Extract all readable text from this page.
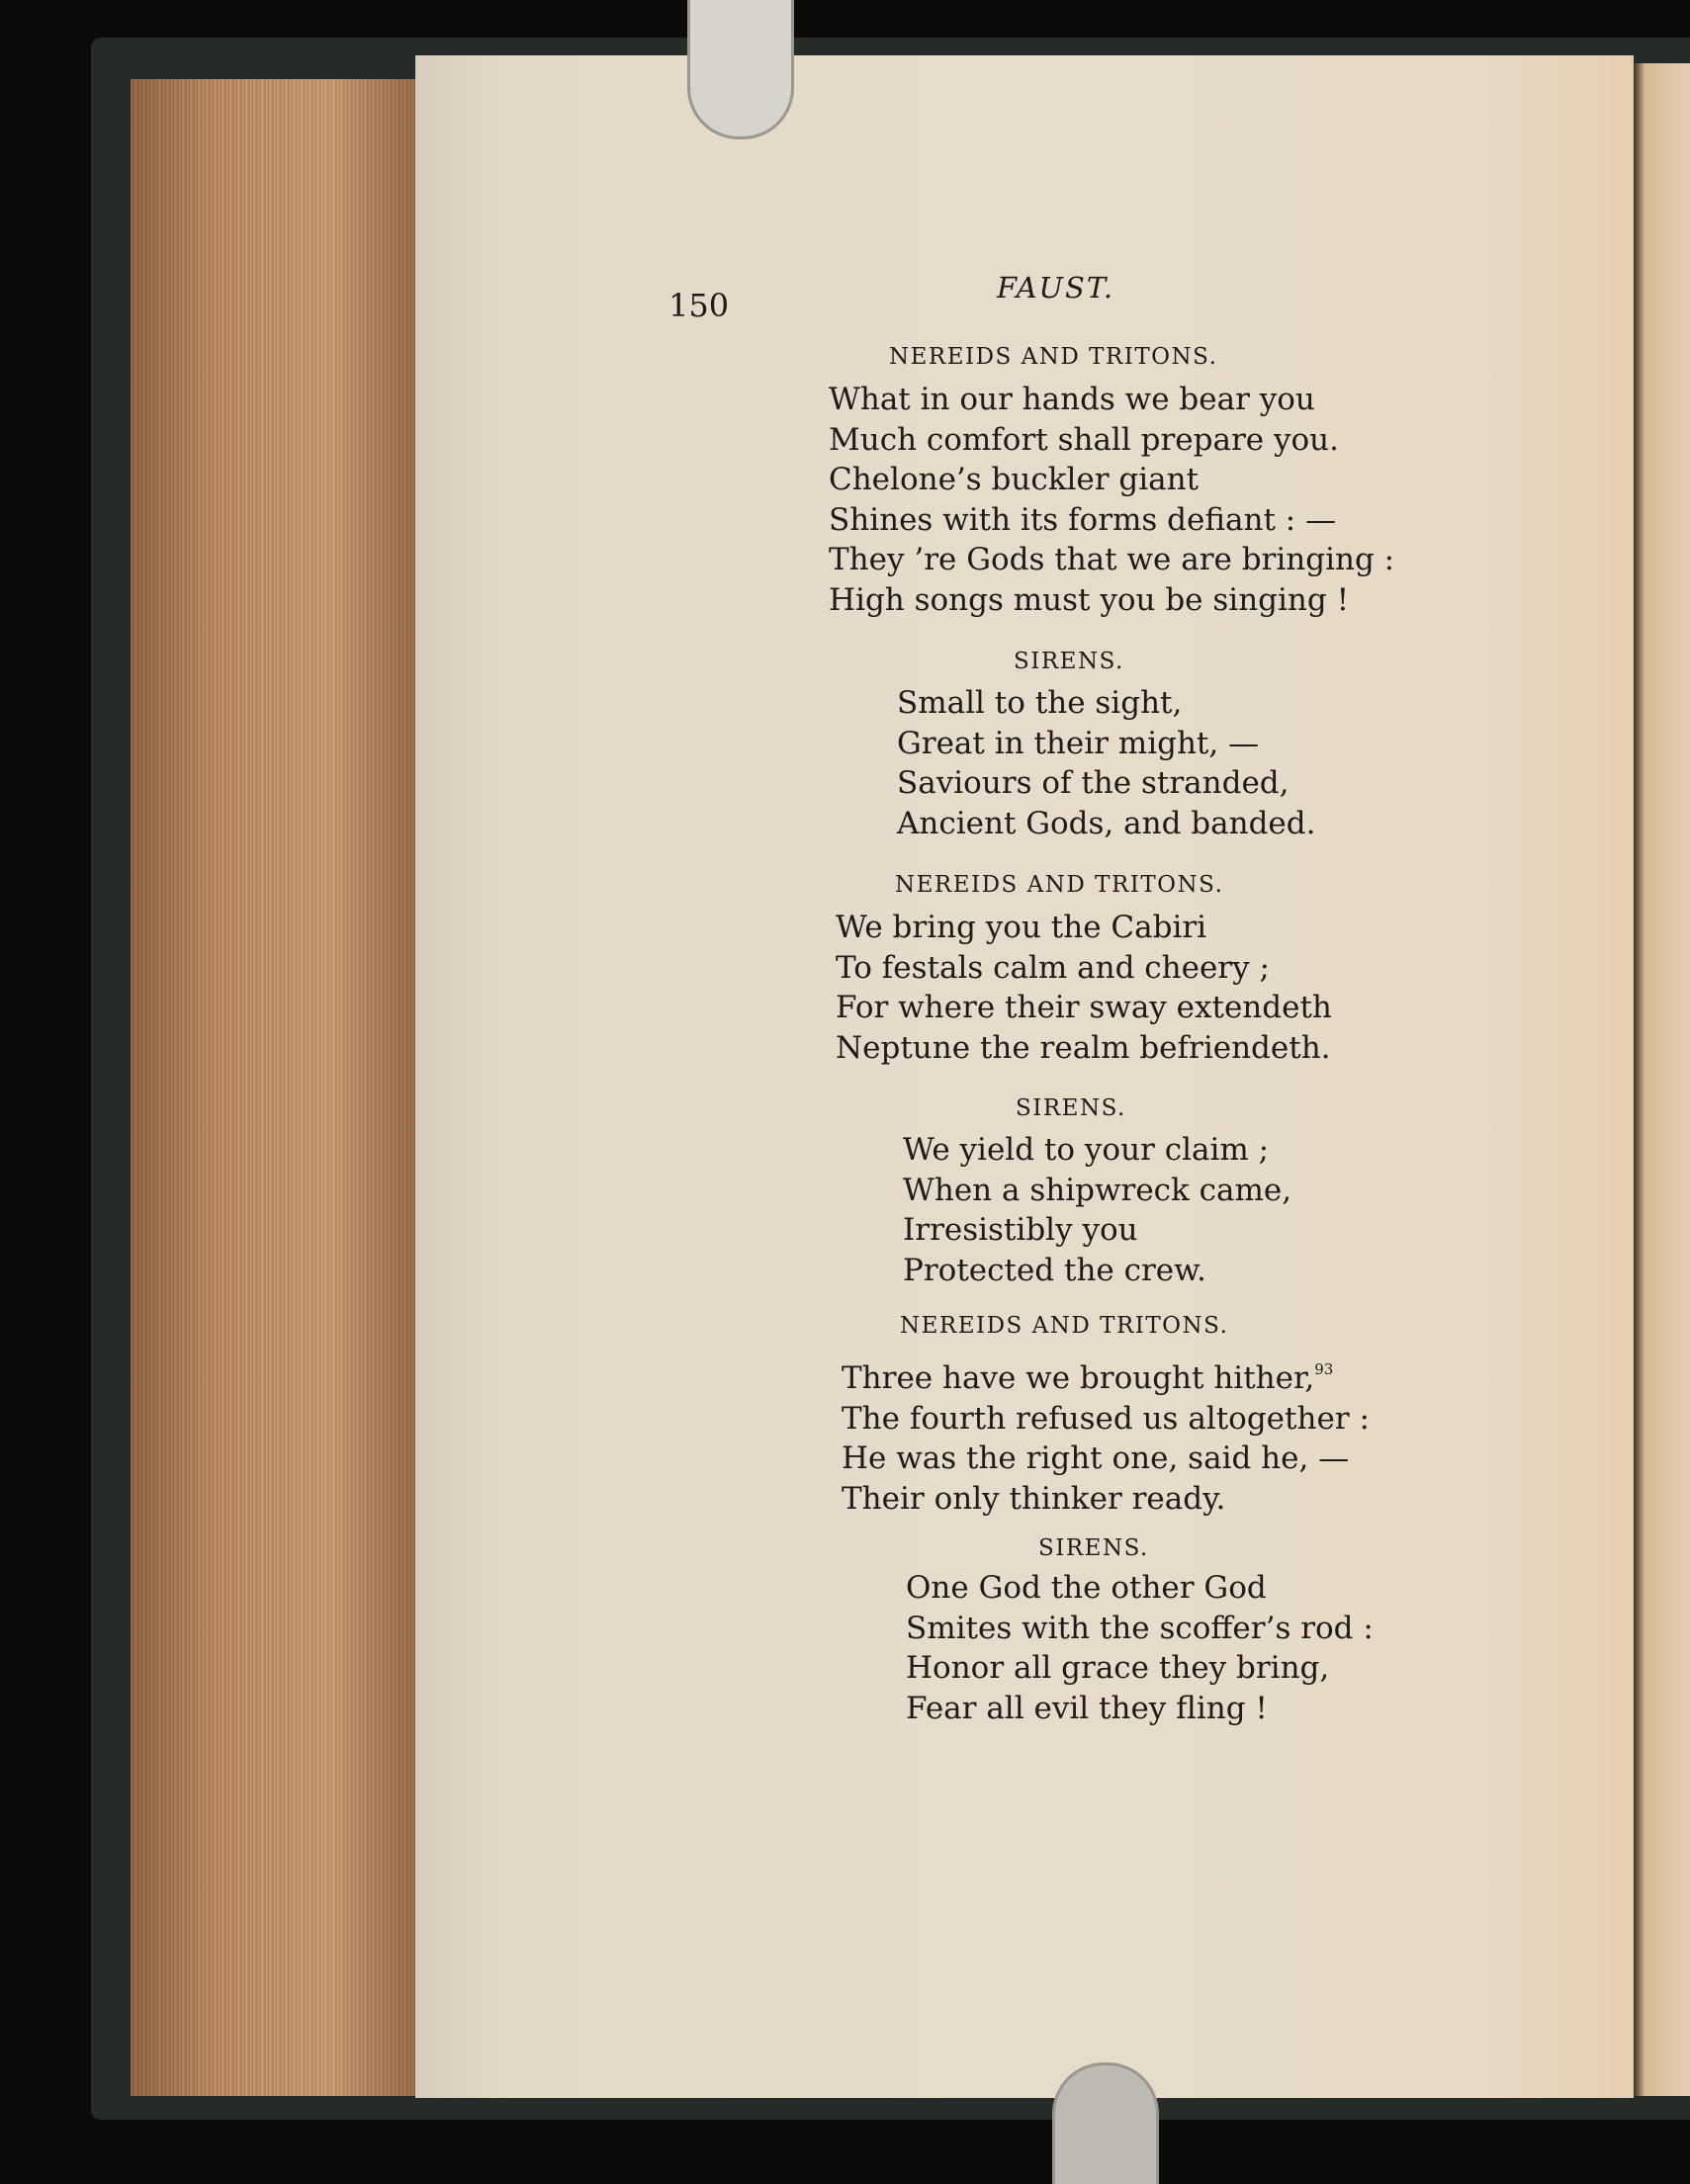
150	FAUST.
NEREIDS AND TRITONS.
What in our hands we bear you
Much comfort shall prepare you.
Chelone’s buckler giant
Shines with its forms defiant : —
They ’re Gods that we are bringing :
High songs must you be singing !
SIRENS.
Small to the sight,
Great in their might, —
Saviours of the stranded,
Ancient Gods, and banded.
NEREIDS AND TRITONS.
We bring you the Cabiri
To festals calm and cheery ;
For where their sway extendeth
Neptune the realm befriendeth.
SIRENS.
We yield to your claim ;
When a shipwreck came,
Irresistibly you
Protected the crew.
NEREIDS AND TRITONS.
Three have we brought hither,$^{93}$
The fourth refused us altogether :
He was the right one, said he, —
Their only thinker ready.
SIRENS.
One God the other God
Smites with the scoffer’s rod :
Honor all grace they bring,
Fear all evil they fling !
